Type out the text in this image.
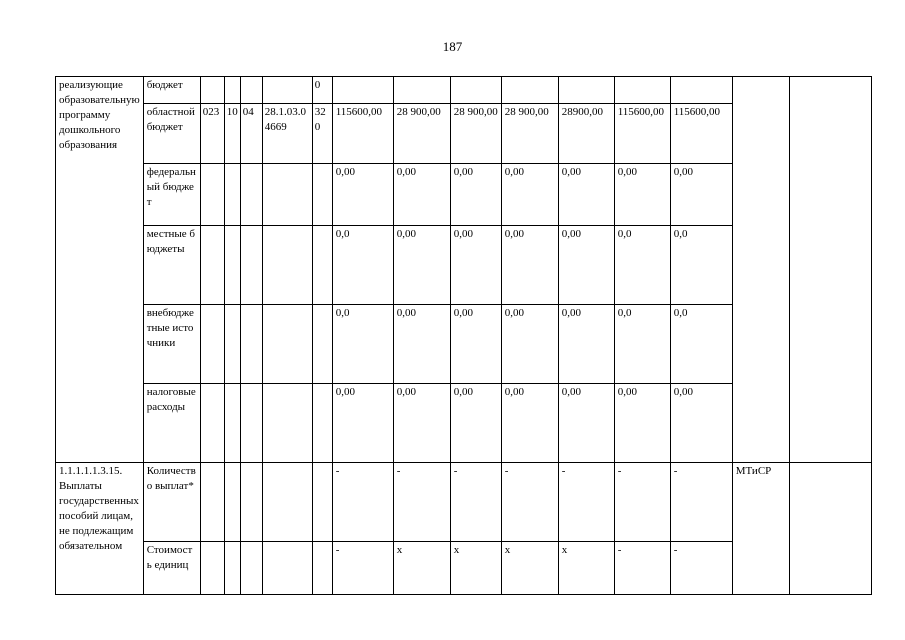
187
реализующие образовательную программу дошкольного образования	бюджет					0									
	областной бюджет	023	10	04	28.1.03.04669	320	115600,00	28 900,00	28 900,00	28 900,00	28900,00	115600,00	115600,00		
	федеральный бюджет						0,00	0,00	0,00	0,00	0,00	0,00	0,00		
	местные бюджеты						0,0	0,00	0,00	0,00	0,00	0,0	0,0		
	внебюджетные источники						0,0	0,00	0,00	0,00	0,00	0,0	0,0		
	налоговые расходы						0,00	0,00	0,00	0,00	0,00	0,00	0,00		
1.1.1.1.1.3.15. Выплаты государственных пособий лицам, не подлежащим обязательном	Количество выплат*						-	-	-	-	-	-	-	МТиСР	
	Стоимость единиц						-	x	x	x	x	-	-		
